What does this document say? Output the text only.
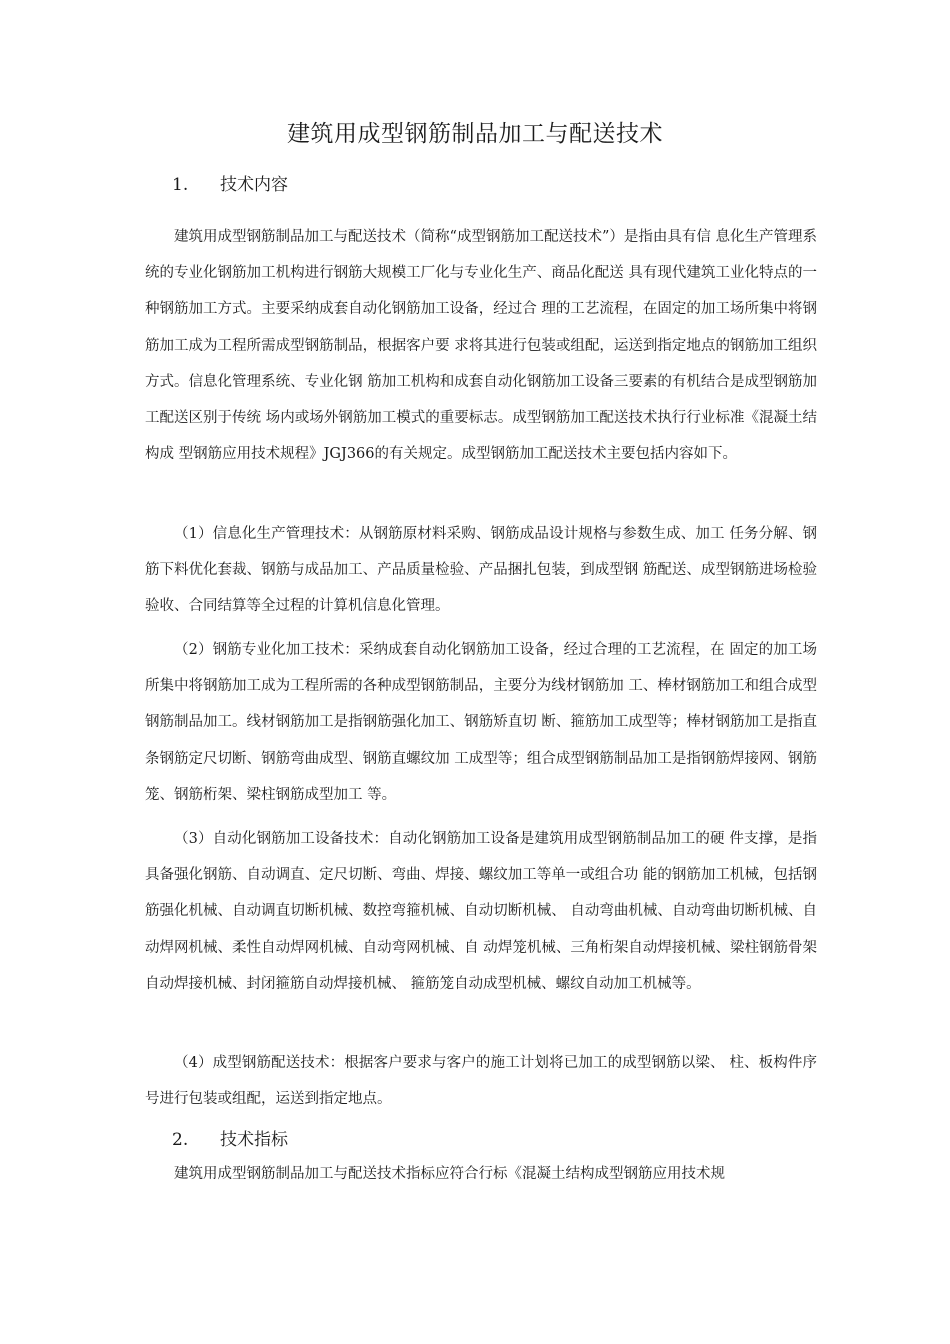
建筑用成型钢筋制品加工与配送技术
1.	技术内容

建筑用成型钢筋制品加工与配送技术（简称“成型钢筋加工配送技术”）是指由具有信 息化生产管理系统的专业化钢筋加工机构进行钢筋大规模工厂化与专业化生产、商品化配送 具有现代建筑工业化特点的一种钢筋加工方式。主要采纳成套自动化钢筋加工设备，经过合 理的工艺流程，在固定的加工场所集中将钢筋加工成为工程所需成型钢筋制品，根据客户要 求将其进行包装或组配，运送到指定地点的钢筋加工组织方式。信息化管理系统、专业化钢 筋加工机构和成套自动化钢筋加工设备三要素的有机结合是成型钢筋加工配送区别于传统 场内或场外钢筋加工模式的重要标志。成型钢筋加工配送技术执行行业标准《混凝土结构成 型钢筋应用技术规程》JGJ366的有关规定。成型钢筋加工配送技术主要包括内容如下。

（1）信息化生产管理技术：从钢筋原材料采购、钢筋成品设计规格与参数生成、加工 任务分解、钢筋下料优化套裁、钢筋与成品加工、产品质量检验、产品捆扎包装，到成型钢 筋配送、成型钢筋进场检验验收、合同结算等全过程的计算机信息化管理。

（2）钢筋专业化加工技术：采纳成套自动化钢筋加工设备，经过合理的工艺流程，在 固定的加工场所集中将钢筋加工成为工程所需的各种成型钢筋制品，主要分为线材钢筋加 工、棒材钢筋加工和组合成型钢筋制品加工。线材钢筋加工是指钢筋强化加工、钢筋矫直切 断、箍筋加工成型等；棒材钢筋加工是指直条钢筋定尺切断、钢筋弯曲成型、钢筋直螺纹加 工成型等；组合成型钢筋制品加工是指钢筋焊接网、钢筋笼、钢筋桁架、梁柱钢筋成型加工 等。

（3）自动化钢筋加工设备技术：自动化钢筋加工设备是建筑用成型钢筋制品加工的硬 件支撑，是指具备强化钢筋、自动调直、定尺切断、弯曲、焊接、螺纹加工等单一或组合功 能的钢筋加工机械，包括钢筋强化机械、自动调直切断机械、数控弯箍机械、自动切断机械、 自动弯曲机械、自动弯曲切断机械、自动焊网机械、柔性自动焊网机械、自动弯网机械、自 动焊笼机械、三角桁架自动焊接机械、梁柱钢筋骨架自动焊接机械、封闭箍筋自动焊接机械、 箍筋笼自动成型机械、螺纹自动加工机械等。

（4）成型钢筋配送技术：根据客户要求与客户的施工计划将已加工的成型钢筋以梁、 柱、板构件序号进行包装或组配，运送到指定地点。

2.	技术指标

建筑用成型钢筋制品加工与配送技术指标应符合行标《混凝土结构成型钢筋应用技术规
